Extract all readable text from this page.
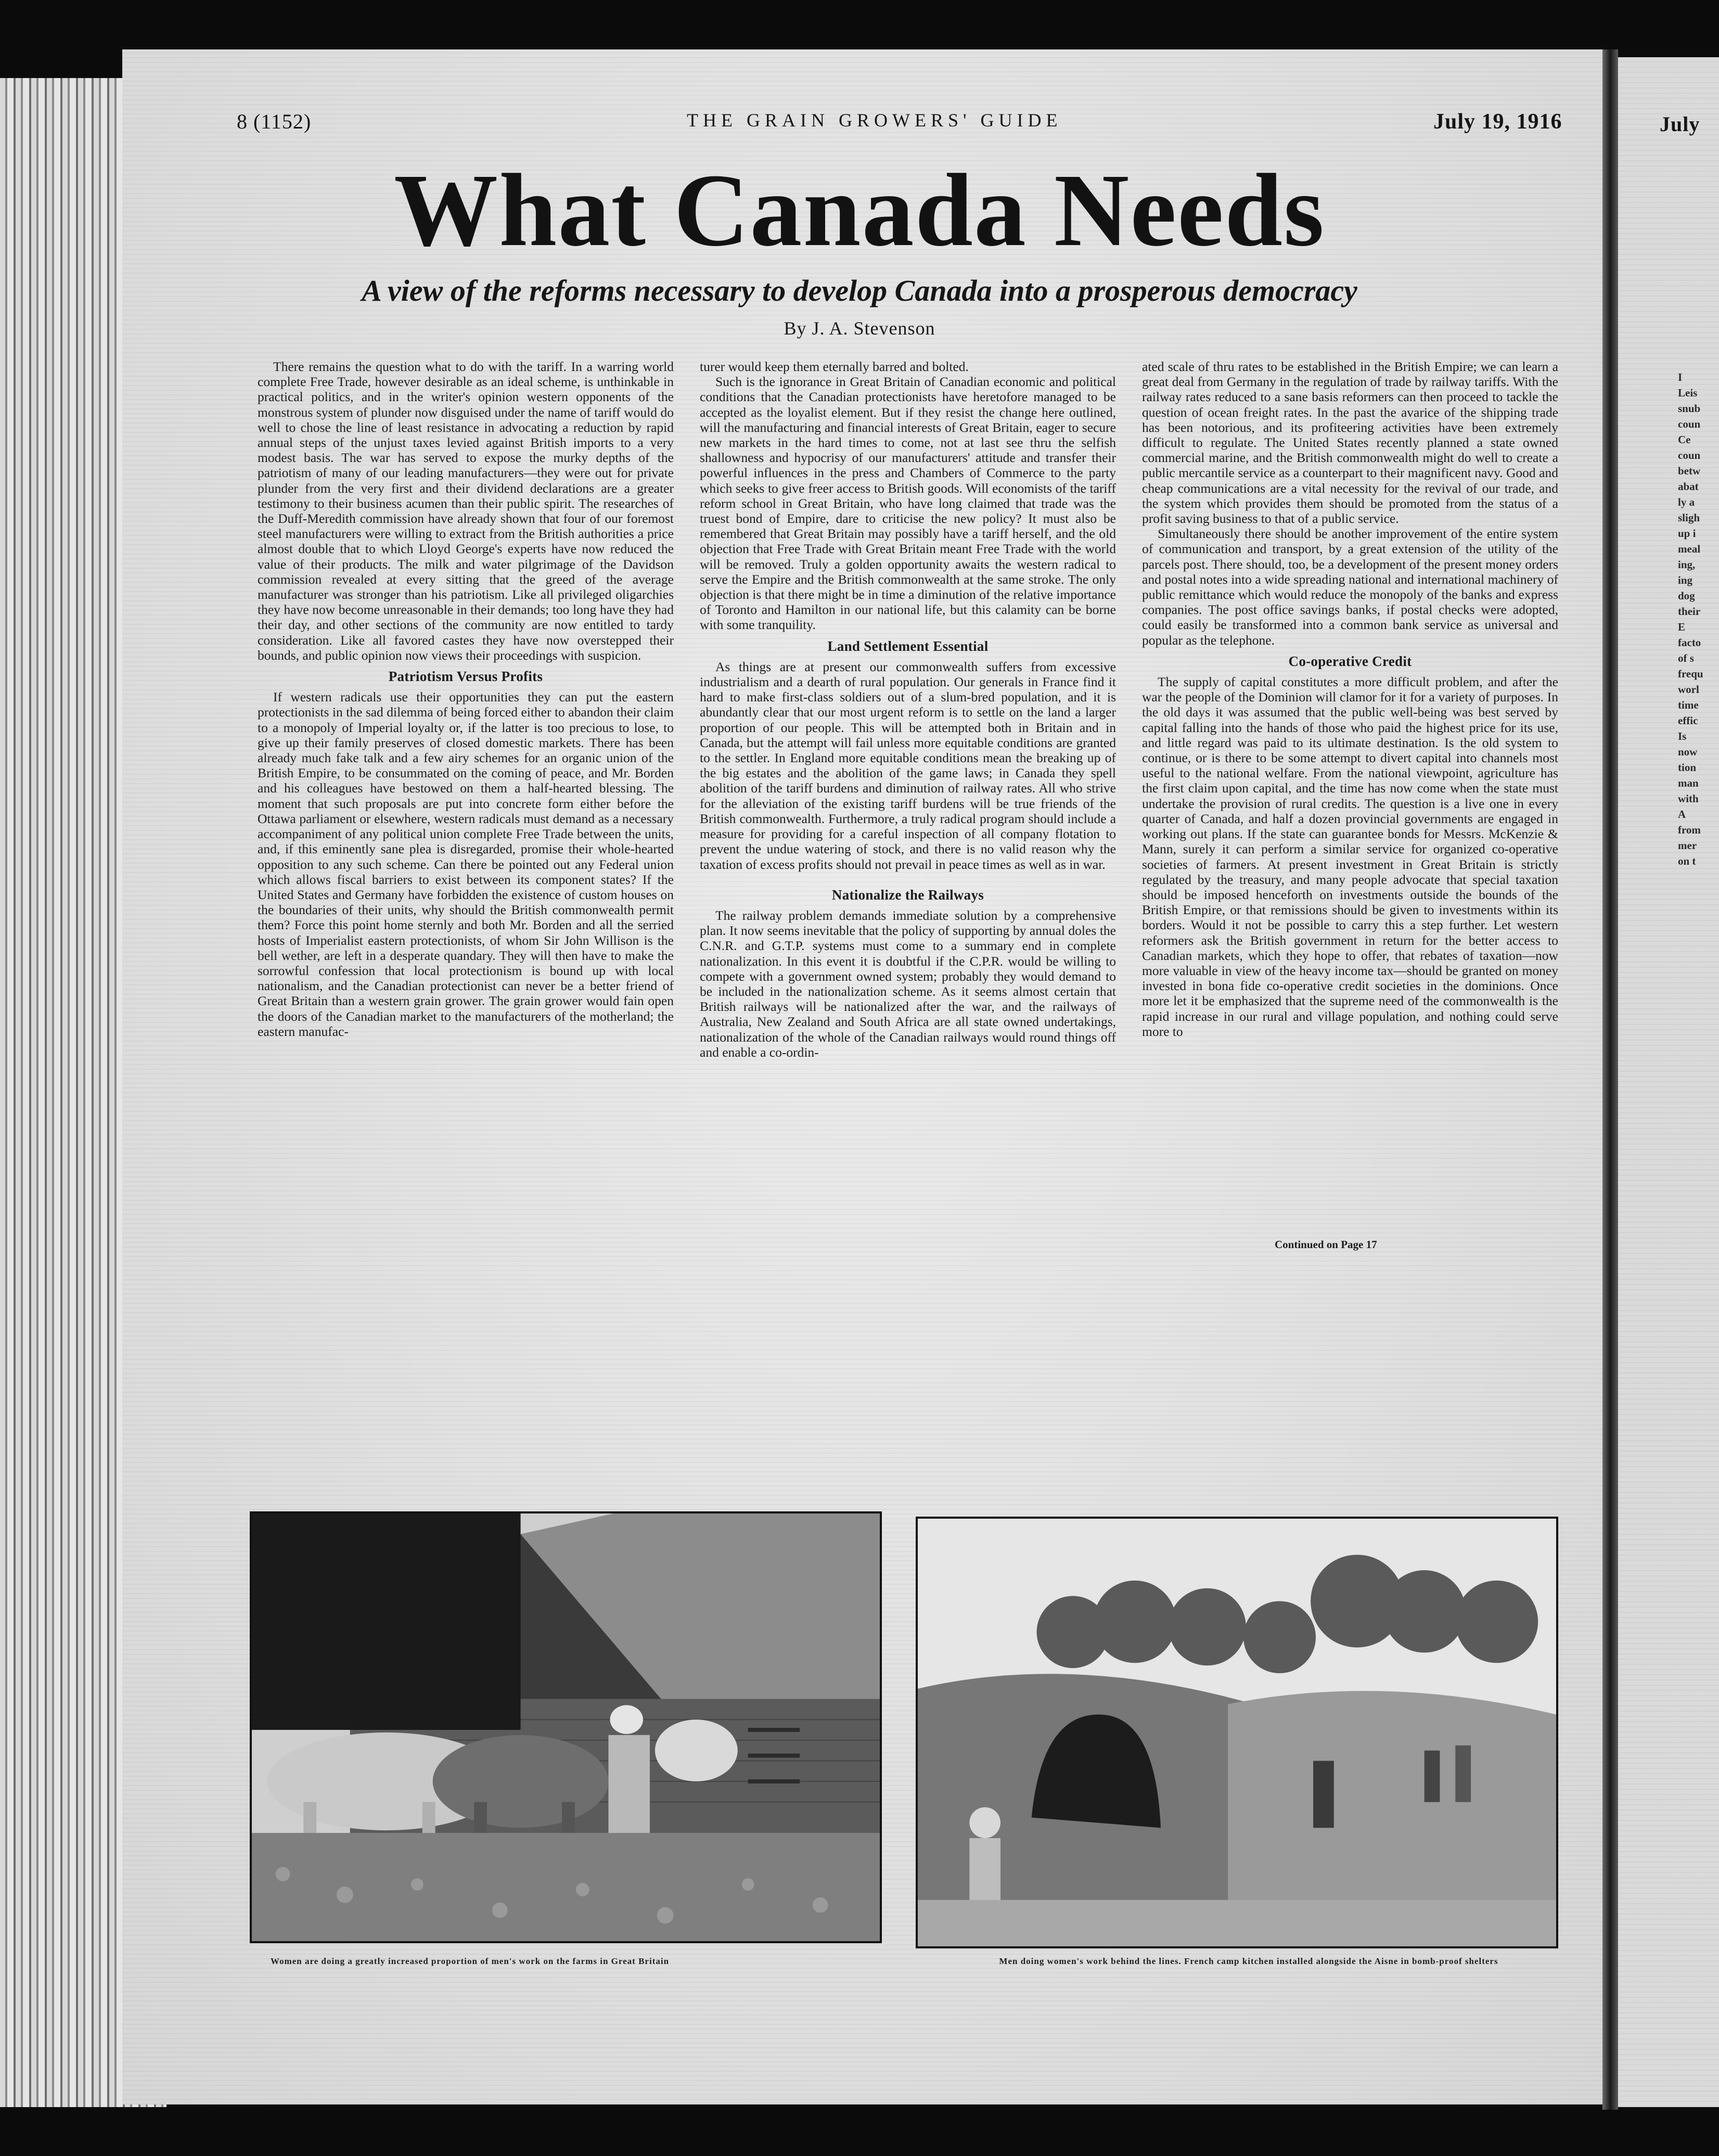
July
I
Leis
snub
coun
Ce
coun
betw
abat
ly a
sligh
up i
meal
ing,
ing
dog
their
E
facto
of s
frequ
worl
time
effic
Is
now
tion
man
with
A
from
mer
on t
8 (1152)	THE GRAIN GROWERS' GUIDE	July 19, 1916
What Canada Needs
A view of the reforms necessary to develop Canada into a prosperous democracy
By J. A. Stevenson

There remains the question what to do with the tariff. In a warring world complete Free Trade, however desirable as an ideal scheme, is unthinkable in practical politics, and in the writer's opinion western opponents of the monstrous system of plunder now disguised under the name of tariff would do well to chose the line of least resistance in advocating a reduction by rapid annual steps of the unjust taxes levied against British imports to a very modest basis. The war has served to expose the murky depths of the patriotism of many of our leading manufacturers—they were out for private plunder from the very first and their dividend declarations are a greater testimony to their business acumen than their public spirit. The researches of the Duff-Meredith commission have already shown that four of our foremost steel manufacturers were willing to extract from the British authorities a price almost double that to which Lloyd George's experts have now reduced the value of their products. The milk and water pilgrimage of the Davidson commission revealed at every sitting that the greed of the average manufacturer was stronger than his patriotism. Like all privileged oligarchies they have now become unreasonable in their demands; too long have they had their day, and other sections of the community are now entitled to tardy consideration. Like all favored castes they have now overstepped their bounds, and public opinion now views their proceedings with suspicion.

Patriotism Versus Profits

If western radicals use their opportunities they can put the eastern protectionists in the sad dilemma of being forced either to abandon their claim to a monopoly of Imperial loyalty or, if the latter is too precious to lose, to give up their family preserves of closed domestic markets. There has been already much fake talk and a few airy schemes for an organic union of the British Empire, to be consummated on the coming of peace, and Mr. Borden and his colleagues have bestowed on them a half-hearted blessing. The moment that such proposals are put into concrete form either before the Ottawa parliament or elsewhere, western radicals must demand as a necessary accompaniment of any political union complete Free Trade between the units, and, if this eminently sane plea is disregarded, promise their whole-hearted opposition to any such scheme. Can there be pointed out any Federal union which allows fiscal barriers to exist between its component states? If the United States and Germany have forbidden the existence of custom houses on the boundaries of their units, why should the British commonwealth permit them? Force this point home sternly and both Mr. Borden and all the serried hosts of Imperialist eastern protectionists, of whom Sir John Willison is the bell wether, are left in a desperate quandary. They will then have to make the sorrowful confession that local protectionism is bound up with local nationalism, and the Canadian protectionist can never be a better friend of Great Britain than a western grain grower. The grain grower would fain open the doors of the Canadian market to the manufacturers of the motherland; the eastern manufac-

turer would keep them eternally barred and bolted.

Such is the ignorance in Great Britain of Canadian economic and political conditions that the Canadian protectionists have heretofore managed to be accepted as the loyalist element. But if they resist the change here outlined, will the manufacturing and financial interests of Great Britain, eager to secure new markets in the hard times to come, not at last see thru the selfish shallowness and hypocrisy of our manufacturers' attitude and transfer their powerful influences in the press and Chambers of Commerce to the party which seeks to give freer access to British goods. Will economists of the tariff reform school in Great Britain, who have long claimed that trade was the truest bond of Empire, dare to criticise the new policy? It must also be remembered that Great Britain may possibly have a tariff herself, and the old objection that Free Trade with Great Britain meant Free Trade with the world will be removed. Truly a golden opportunity awaits the western radical to serve the Empire and the British commonwealth at the same stroke. The only objection is that there might be in time a diminution of the relative importance of Toronto and Hamilton in our national life, but this calamity can be borne with some tranquility.

Land Settlement Essential

As things are at present our commonwealth suffers from excessive industrialism and a dearth of rural population. Our generals in France find it hard to make first-class soldiers out of a slum-bred population, and it is abundantly clear that our most urgent reform is to settle on the land a larger proportion of our people. This will be attempted both in Britain and in Canada, but the attempt will fail unless more equitable conditions are granted to the settler. In England more equitable conditions mean the breaking up of the big estates and the abolition of the game laws; in Canada they spell abolition of the tariff burdens and diminution of railway rates. All who strive for the alleviation of the existing tariff burdens will be true friends of the British commonwealth. Furthermore, a truly radical program should include a measure for providing for a careful inspection of all company flotation to prevent the undue watering of stock, and there is no valid reason why the taxation of excess profits should not prevail in peace times as well as in war.

Nationalize the Railways

The railway problem demands immediate solution by a comprehensive plan. It now seems inevitable that the policy of supporting by annual doles the C.N.R. and G.T.P. systems must come to a summary end in complete nationalization. In this event it is doubtful if the C.P.R. would be willing to compete with a government owned system; probably they would demand to be included in the nationalization scheme. As it seems almost certain that British railways will be nationalized after the war, and the railways of Australia, New Zealand and South Africa are all state owned undertakings, nationalization of the whole of the Canadian railways would round things off and enable a co-ordin-

ated scale of thru rates to be established in the British Empire; we can learn a great deal from Germany in the regulation of trade by railway tariffs. With the railway rates reduced to a sane basis reformers can then proceed to tackle the question of ocean freight rates. In the past the avarice of the shipping trade has been notorious, and its profiteering activities have been extremely difficult to regulate. The United States recently planned a state owned commercial marine, and the British commonwealth might do well to create a public mercantile service as a counterpart to their magnificent navy. Good and cheap communications are a vital necessity for the revival of our trade, and the system which provides them should be promoted from the status of a profit saving business to that of a public service.

Simultaneously there should be another improvement of the entire system of communication and transport, by a great extension of the utility of the parcels post. There should, too, be a development of the present money orders and postal notes into a wide spreading national and international machinery of public remittance which would reduce the monopoly of the banks and express companies. The post office savings banks, if postal checks were adopted, could easily be transformed into a common bank service as universal and popular as the telephone.

Co-operative Credit

The supply of capital constitutes a more difficult problem, and after the war the people of the Dominion will clamor for it for a variety of purposes. In the old days it was assumed that the public well-being was best served by capital falling into the hands of those who paid the highest price for its use, and little regard was paid to its ultimate destination. Is the old system to continue, or is there to be some attempt to divert capital into channels most useful to the national welfare. From the national viewpoint, agriculture has the first claim upon capital, and the time has now come when the state must undertake the provision of rural credits. The question is a live one in every quarter of Canada, and half a dozen provincial governments are engaged in working out plans. If the state can guarantee bonds for Messrs. McKenzie & Mann, surely it can perform a similar service for organized co-operative societies of farmers. At present investment in Great Britain is strictly regulated by the treasury, and many people advocate that special taxation should be imposed henceforth on investments outside the bounds of the British Empire, or that remissions should be given to investments within its borders. Would it not be possible to carry this a step further. Let western reformers ask the British government in return for the better access to Canadian markets, which they hope to offer, that rebates of taxation—now more valuable in view of the heavy income tax—should be granted on money invested in bona fide co-operative credit societies in the dominions. Once more let it be emphasized that the supreme need of the commonwealth is the rapid increase in our rural and village population, and nothing could serve more to

Continued on Page 17
Women are doing a greatly increased proportion of men's work on the farms in Great Britain	Men doing women's work behind the lines. French camp kitchen installed alongside the Aisne in bomb-proof shelters
